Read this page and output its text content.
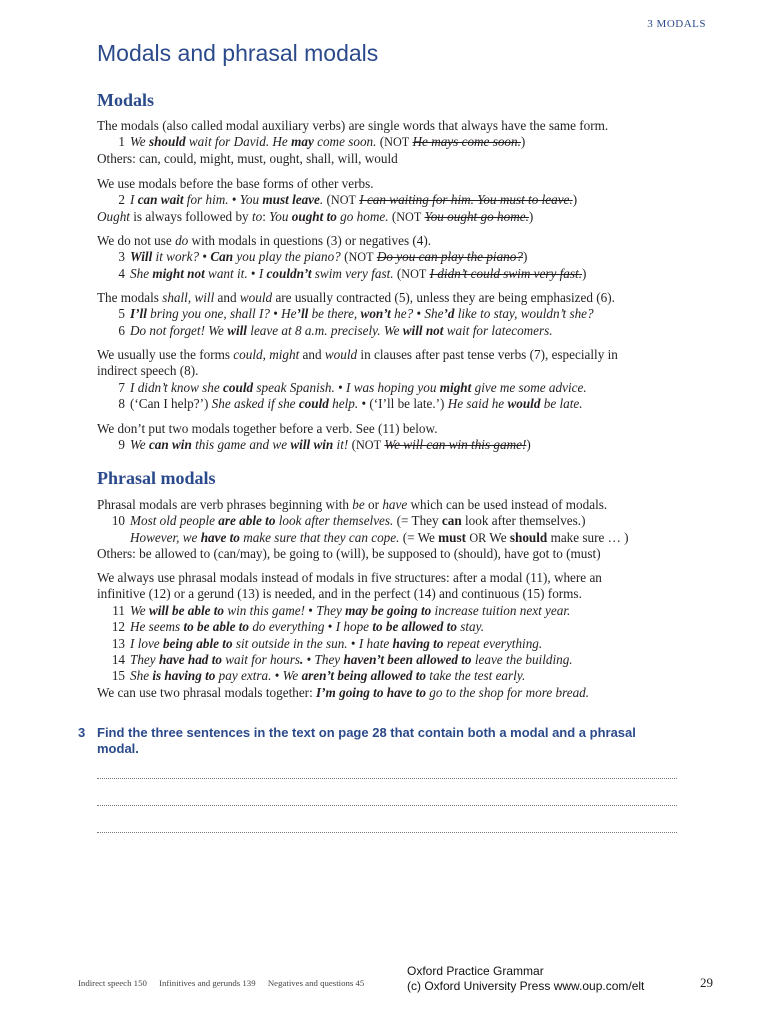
3 MODALS
Modals and phrasal modals
Modals
The modals (also called modal auxiliary verbs) are single words that always have the same form.
1 We should wait for David. He may come soon. (NOT He mays come soon.)
Others: can, could, might, must, ought, shall, will, would
We use modals before the base forms of other verbs.
2 I can wait for him. • You must leave. (NOT I can waiting for him. You must to leave.)
Ought is always followed by to: You ought to go home. (NOT You ought go home.)
We do not use do with modals in questions (3) or negatives (4).
3 Will it work? • Can you play the piano? (NOT Do you can play the piano?)
4 She might not want it. • I couldn’t swim very fast. (NOT I didn’t could swim very fast.)
The modals shall, will and would are usually contracted (5), unless they are being emphasized (6).
5 I’ll bring you one, shall I? • He’ll be there, won’t he? • She’d like to stay, wouldn’t she?
6 Do not forget! We will leave at 8 a.m. precisely. We will not wait for latecomers.
We usually use the forms could, might and would in clauses after past tense verbs (7), especially in
indirect speech (8).
7 I didn’t know she could speak Spanish. • I was hoping you might give me some advice.
8 (‘Can I help?’) She asked if she could help. • (‘I’ll be late.’) He said he would be late.
We don’t put two modals together before a verb. See (11) below.
9 We can win this game and we will win it! (NOT We will can win this game!)
Phrasal modals
Phrasal modals are verb phrases beginning with be or have which can be used instead of modals.
10 Most old people are able to look after themselves. (= They can look after themselves.)
However, we have to make sure that they can cope. (= We must OR We should make sure … )
Others: be allowed to (can/may), be going to (will), be supposed to (should), have got to (must)
We always use phrasal modals instead of modals in five structures: after a modal (11), where an
infinitive (12) or a gerund (13) is needed, and in the perfect (14) and continuous (15) forms.
11 We will be able to win this game! • They may be going to increase tuition next year.
12 He seems to be able to do everything • I hope to be allowed to stay.
13 I love being able to sit outside in the sun. • I hate having to repeat everything.
14 They have had to wait for hours. • They haven’t been allowed to leave the building.
15 She is having to pay extra. • We aren’t being allowed to take the test early.
We can use two phrasal modals together: I’m going to have to go to the shop for more bread.
3 Find the three sentences in the text on page 28 that contain both a modal and a phrasal modal.
Indirect speech 150 Infinitives and gerunds 139 Negatives and questions 45
Oxford Practice Grammar
(c) Oxford University Press www.oup.com/elt	29
